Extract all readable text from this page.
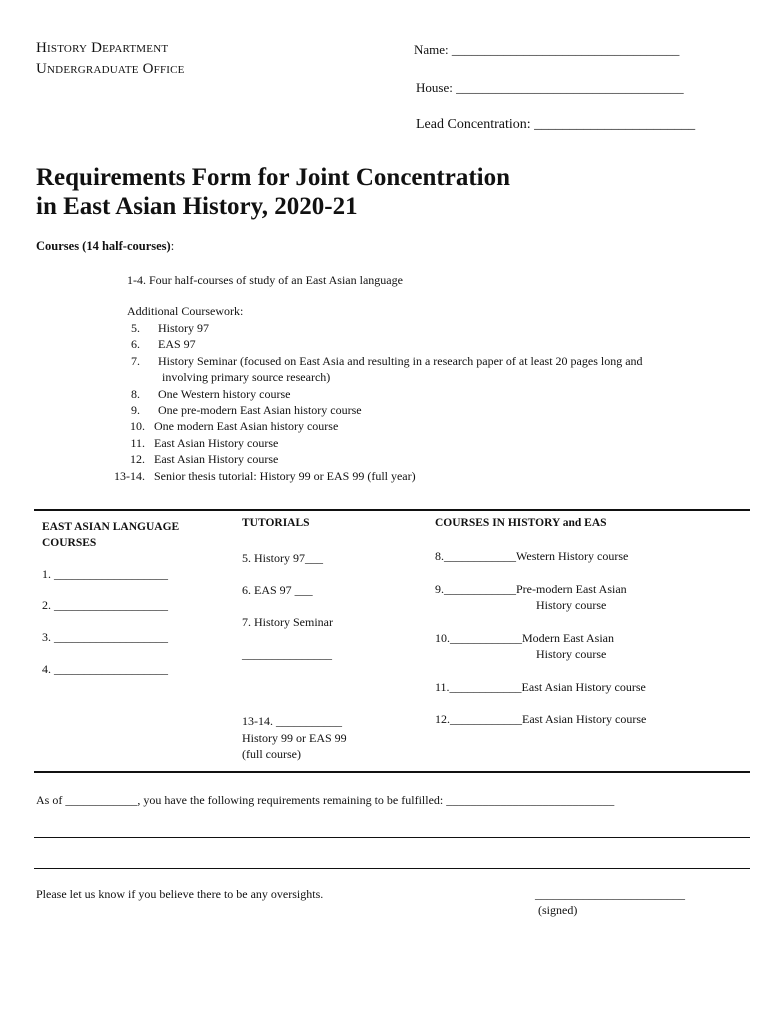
History Department
Undergraduate Office
Name: ___________________________________
House: ___________________________________
Lead Concentration: _______________________
Requirements Form for Joint Concentration
in East Asian History, 2020-21
Courses (14 half-courses):
1-4. Four half-courses of study of an East Asian language
Additional Coursework:
5. History 97
6. EAS 97
7. History Seminar (focused on East Asia and resulting in a research paper of at least 20 pages long and
involving primary source research)
8. One Western history course
9. One pre-modern East Asian history course
10. One modern East Asian history course
11. East Asian History course
12. East Asian History course
13-14. Senior thesis tutorial: History 99 or EAS 99 (full year)
EAST ASIAN LANGUAGE
COURSES
1. ___________________
2. ___________________
3. ___________________
4. ___________________
TUTORIALS
5. History 97___
6. EAS 97 ___
7. History Seminar
_______________
13-14. ___________
History 99 or EAS 99
(full course)
COURSES IN HISTORY and EAS
8.____________Western History course
9.____________Pre-modern East Asian
History course
10.____________Modern East Asian
History course
11.____________East Asian History course
12.____________East Asian History course
As of ____________, you have the following requirements remaining to be fulfilled: ____________________________
Please let us know if you believe there to be any oversights.	_________________________
(signed)
